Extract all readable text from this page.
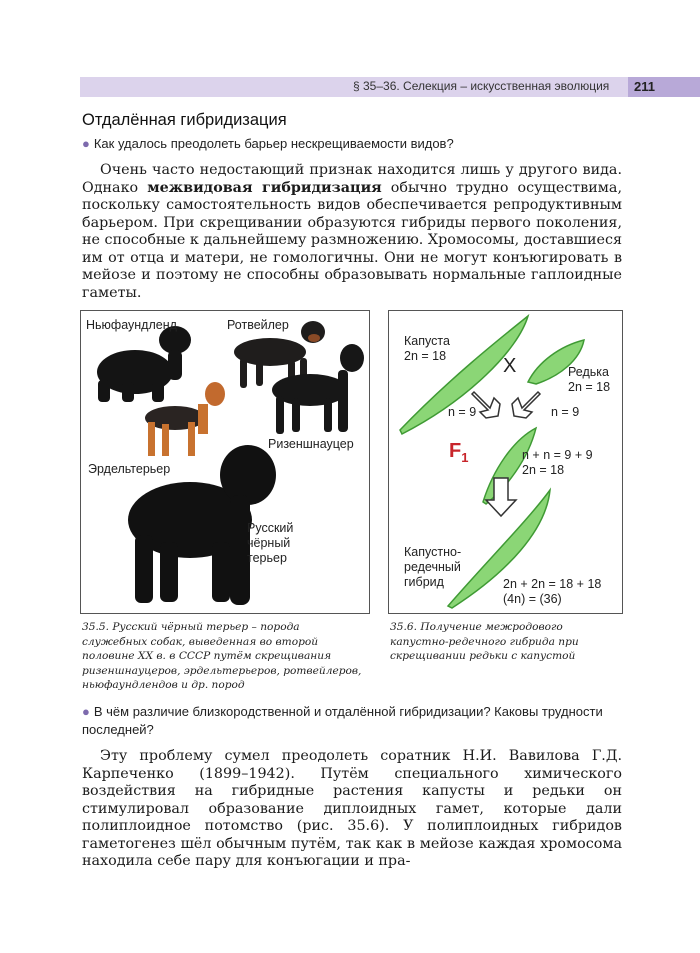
§ 35–36. Селекция – искусственная эволюция	211
Отдалённая гибридизация
● Как удалось преодолеть барьер нескрещиваемости видов?

Очень часто недостающий признак находится лишь у другого вида. Однако межвидовая гибридизация обычно трудно осуществима, поскольку самостоятельность видов обеспечивается репродуктивным барьером. При скрещивании образуются гибриды первого поколения, не способные к дальнейшему размножению. Хромосомы, доставшиеся им от отца и матери, не гомологичны. Они не могут конъюгировать в мейозе и поэтому не способны образовывать нормальные гаплоидные гаметы.

Ньюфаундленд	Ротвейлер
Ризеншнауцер
Эрдельтерьер
Русский
чёрный
терьер

35.5. Русский чёрный терьер – порода служебных собак, выведенная во второй половине XX в. в СССР путём скрещивания ризеншнауцеров, эрдельтерьеров, ротвейлеров, ньюфаундлендов и др. пород

Капуста
2n = 18	X	Редька
2n = 18
n = 9	n = 9
$F_1$	n + n = 9 + 9
2n = 18
Капустно-
редечный
гибрид	2n + 2n = 18 + 18
(4n) = (36)

35.6. Получение межродового капустно-редечного гибрида при скрещивании редьки с капустой

● В чём различие близкородственной и отдалённой гибридизации? Каковы трудности последней?

Эту проблему сумел преодолеть соратник Н.И. Вавилова Г.Д. Карпеченко (1899–1942). Путём специального химического воздействия на гибридные растения капусты и редьки он стимулировал образование диплоидных гамет, которые дали полиплоидное потомство (рис. 35.6). У полиплоидных гибридов гаметогенез шёл обычным путём, так как в мейозе каждая хромосома находила себе пару для конъюгации и пра-
